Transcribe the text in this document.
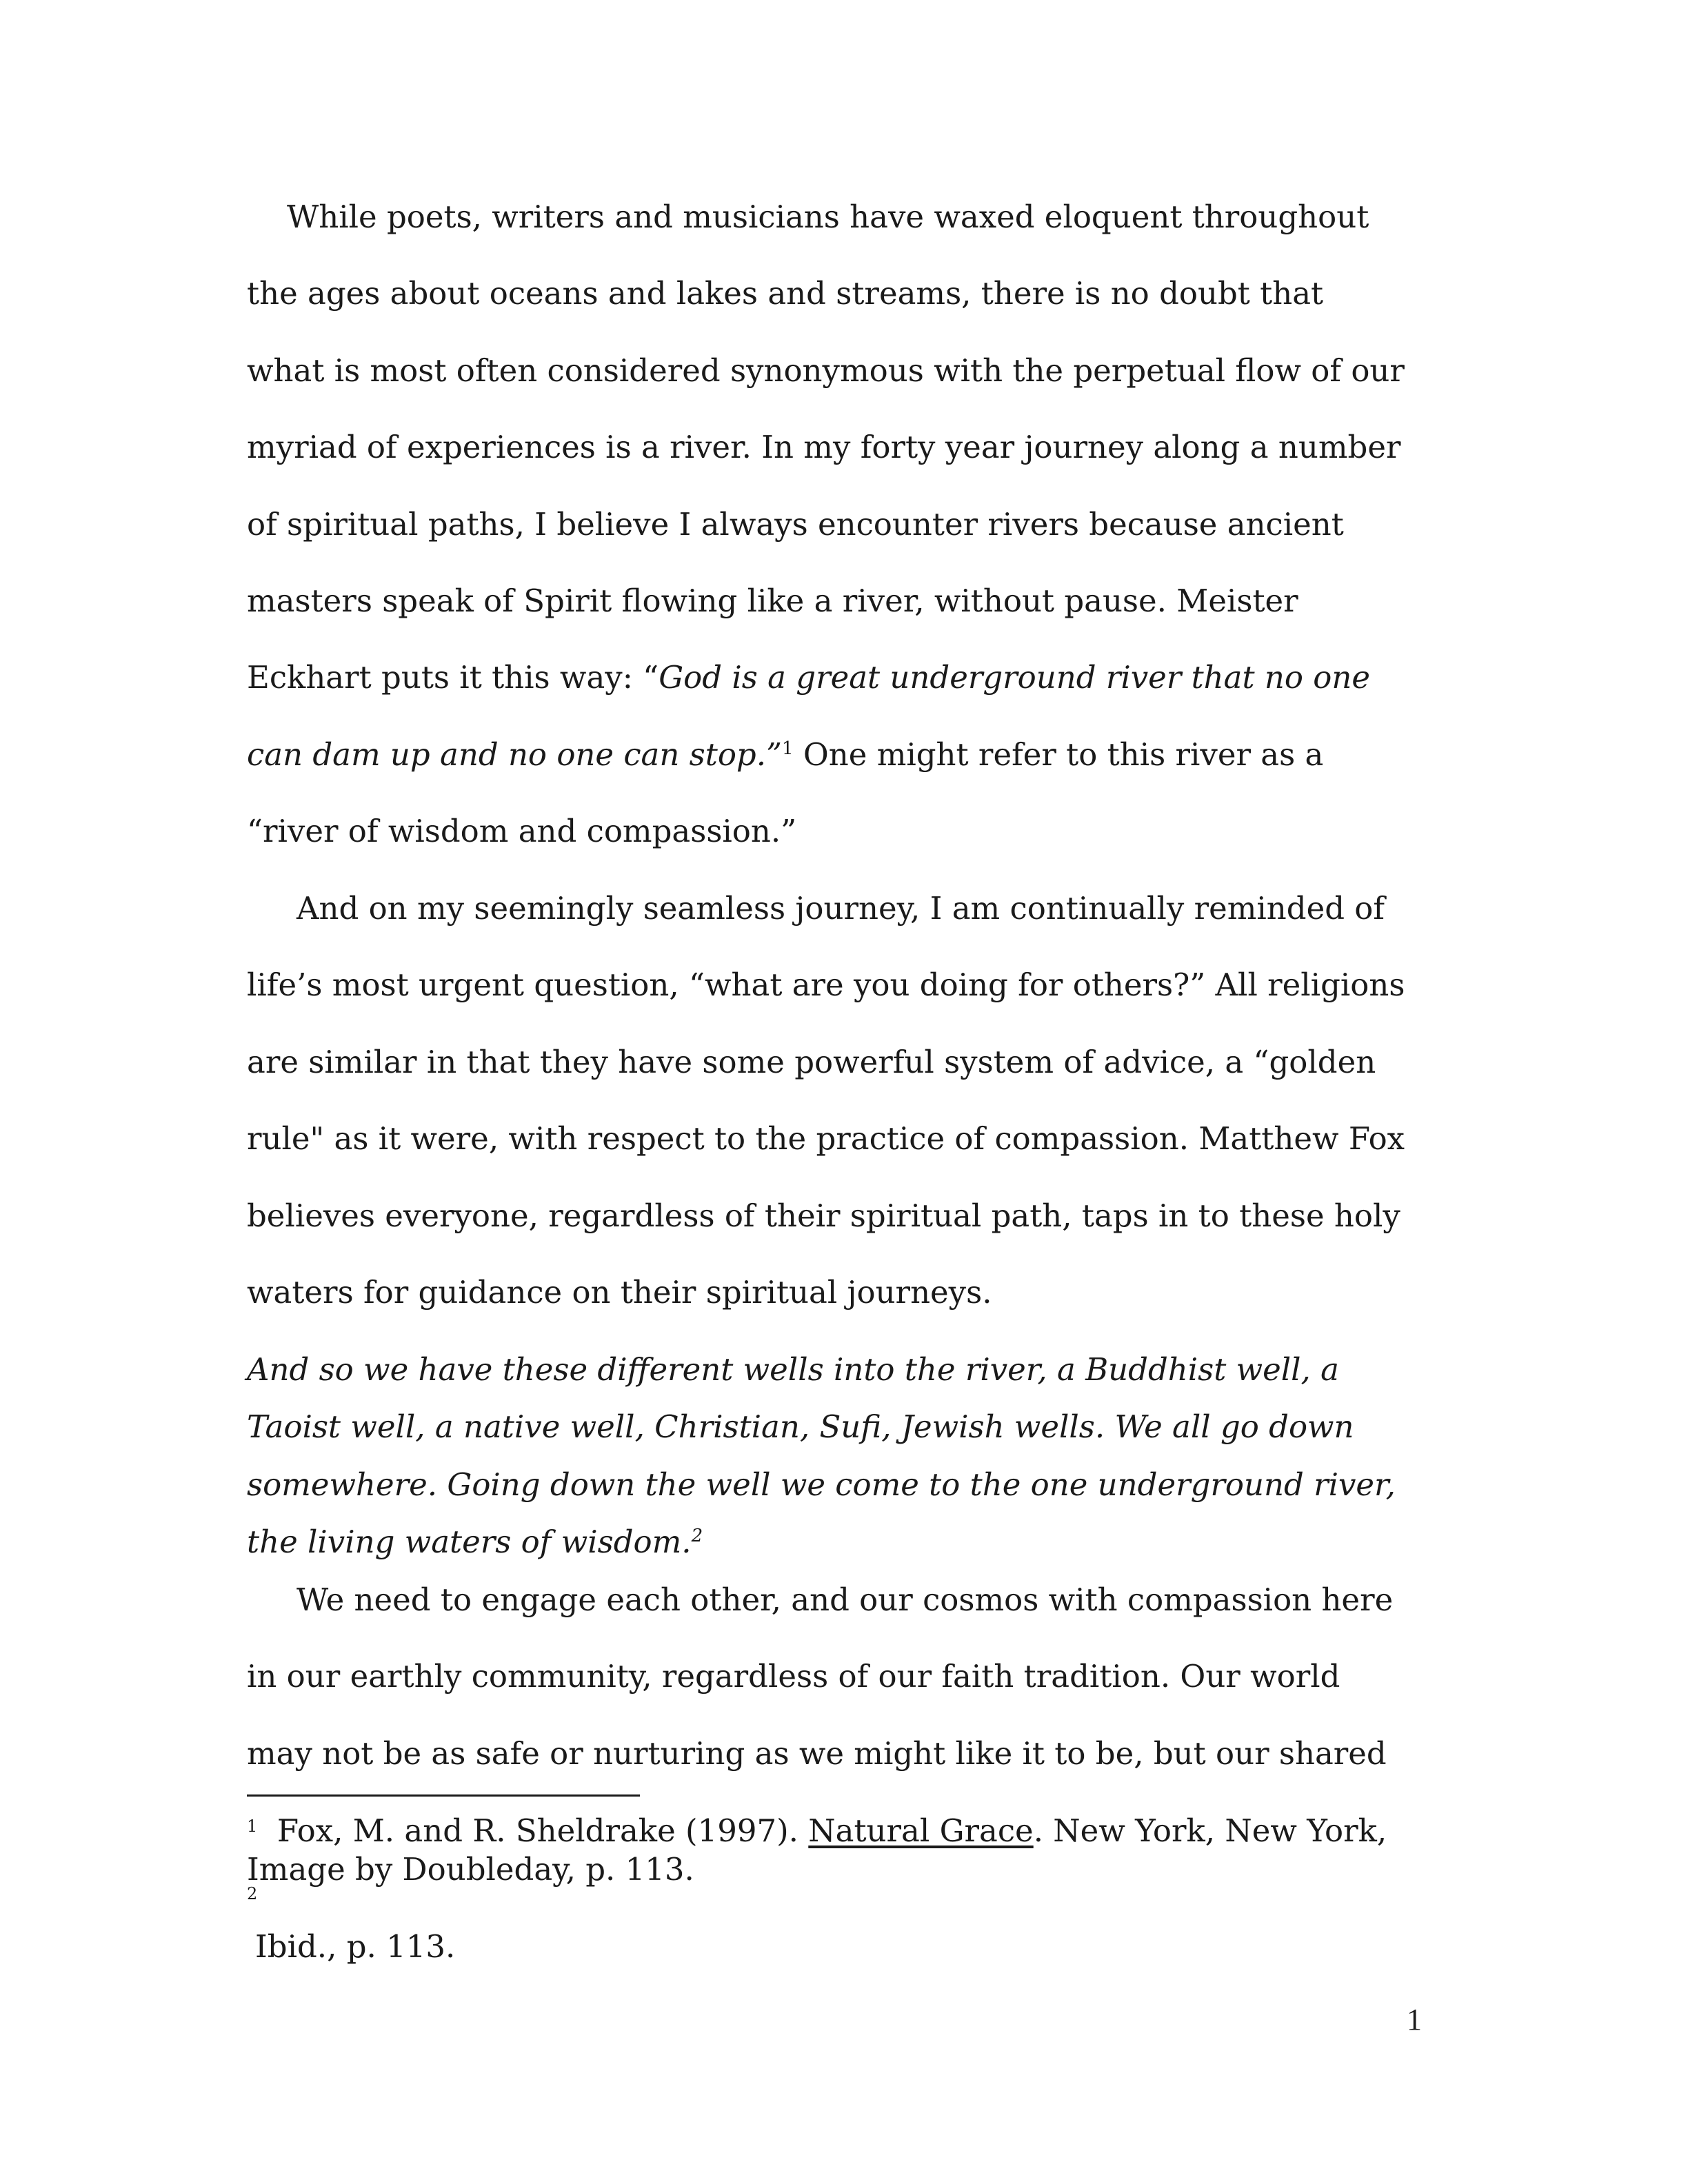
While poets, writers and musicians have waxed eloquent throughout

the ages about oceans and lakes and streams, there is no doubt that

what is most often considered synonymous with the perpetual flow of our

myriad of experiences is a river. In my forty year journey along a number

of spiritual paths, I believe I always encounter rivers because ancient

masters speak of Spirit flowing like a river, without pause. Meister

Eckhart puts it this way: “God is a great underground river that no one

can dam up and no one can stop.”$^1$ One might refer to this river as a

“river of wisdom and compassion.”

And on my seemingly seamless journey, I am continually reminded of

life’s most urgent question, “what are you doing for others?” All religions

are similar in that they have some powerful system of advice, a “golden

rule" as it were, with respect to the practice of compassion. Matthew Fox

believes everyone, regardless of their spiritual path, taps in to these holy

waters for guidance on their spiritual journeys.

And so we have these different wells into the river, a Buddhist well, a

Taoist well, a native well, Christian, Sufi, Jewish wells. We all go down

somewhere. Going down the well we come to the one underground river,

the living waters of wisdom.$^2$

We need to engage each other, and our cosmos with compassion here

in our earthly community, regardless of our faith tradition. Our world

may not be as safe or nurturing as we might like it to be, but our shared

$^1$ Fox, M. and R. Sheldrake (1997). Natural Grace. New York, New York,

Image by Doubleday, p. 113.

2

Ibid., p. 113.

1
